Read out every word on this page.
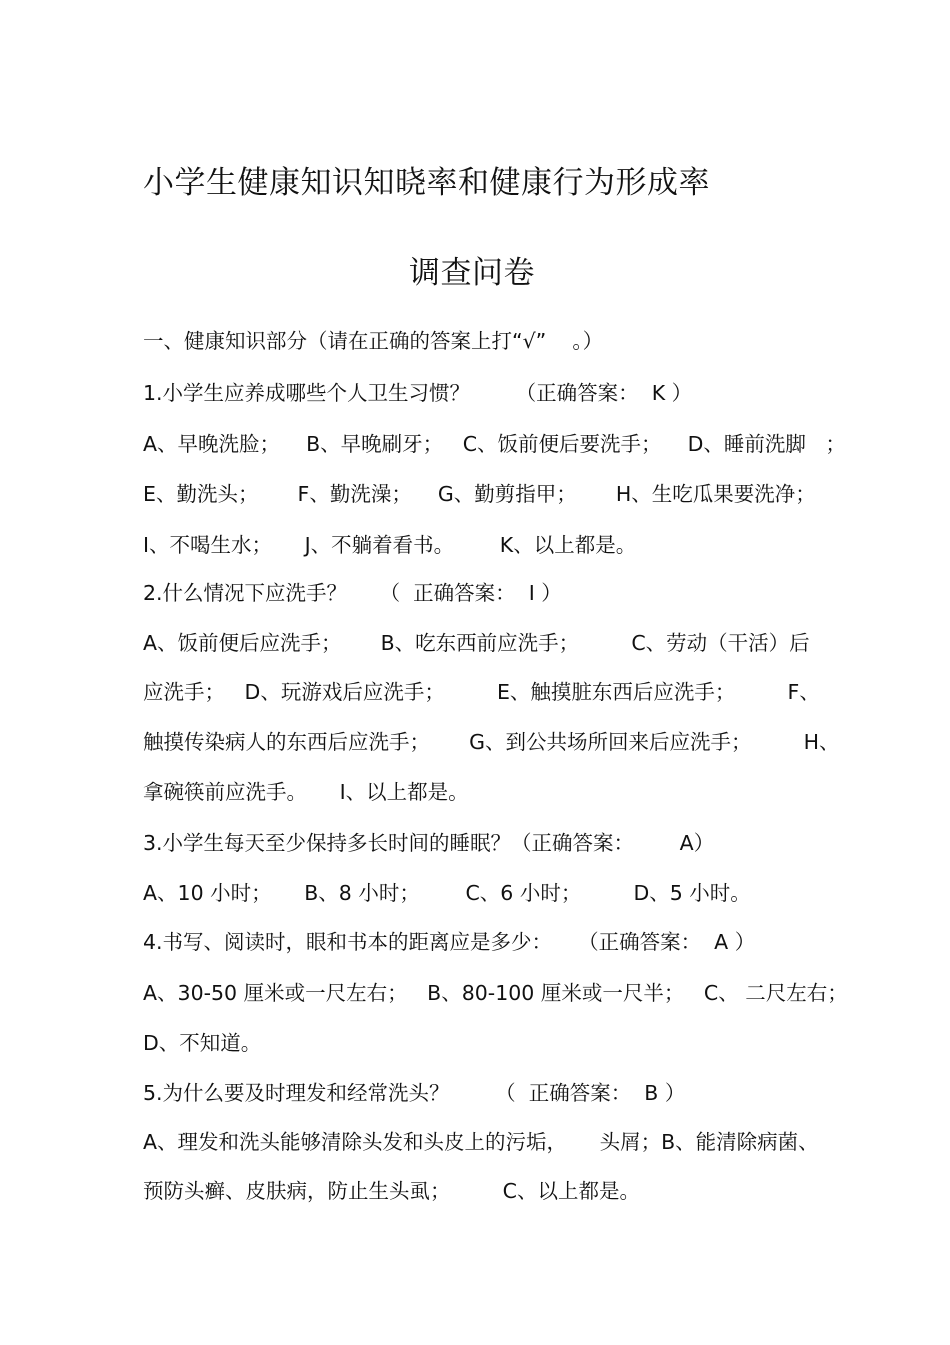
小学生健康知识知晓率和健康行为形成率
调查问卷
一、健康知识部分（请在正确的答案上打“√”    。）
1.小学生应养成哪些个人卫生习惯？       （正确答案：  K ）
A、早晚洗脸；    B、早晚刷牙；   C、饭前便后要洗手；    D、睡前洗脚   ；
E、勤洗头；      F、勤洗澡；    G、勤剪指甲；      H、生吃瓜果要洗净；
I、不喝生水；     J、不躺着看书。       K、以上都是。
2.什么情况下应洗手？     （  正确答案：  I ）
A、饭前便后应洗手；      B、吃东西前应洗手；        C、劳动（干活）后
应洗手；   D、玩游戏后应洗手；        E、触摸脏东西后应洗手；        F、
触摸传染病人的东西后应洗手；      G、到公共场所回来后应洗手；        H、
拿碗筷前应洗手。     I、以上都是。
3.小学生每天至少保持多长时间的睡眠？（正确答案：       A）
A、10 小时；     B、8 小时；       C、6 小时；        D、5 小时。
4.书写、阅读时，眼和书本的距离应是多少：    （正确答案：  A ）
A、30-50 厘米或一尺左右；   B、80-100 厘米或一尺半；   C、 二尺左右；
D、不知道。
5.为什么要及时理发和经常洗头？       （  正确答案：  B ）
A、理发和洗头能够清除头发和头皮上的污垢，     头屑；B、能清除病菌、
预防头癣、皮肤病，防止生头虱；        C、以上都是。
